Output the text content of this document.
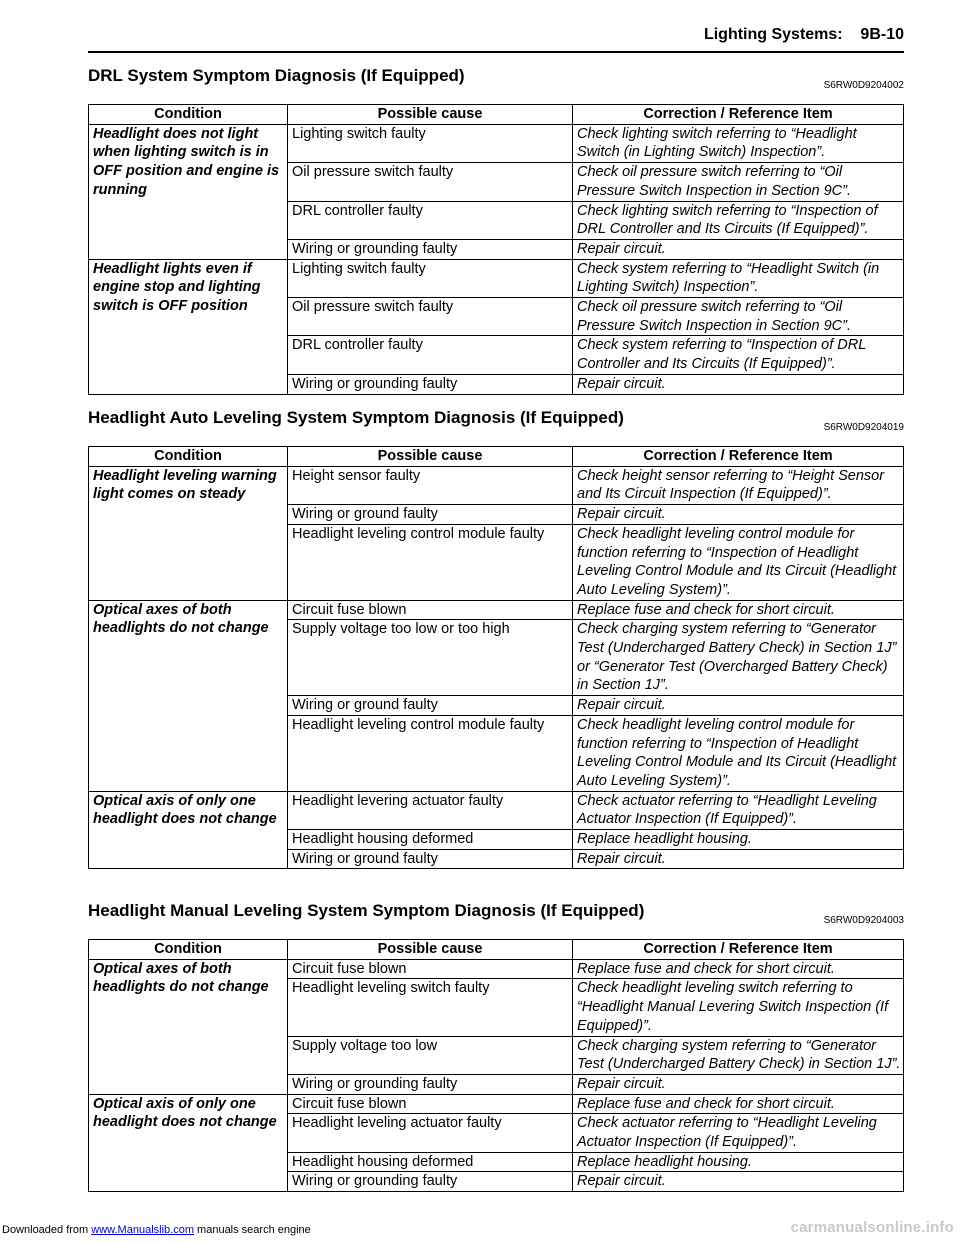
Lighting Systems: 9B-10
DRL System Symptom Diagnosis (If Equipped)
S6RW0D9204002
Condition	Possible cause	Correction / Reference Item
Headlight does not light when lighting switch is in OFF position and engine is running	Lighting switch faulty	Check lighting switch referring to “Headlight Switch (in Lighting Switch) Inspection”.
	Oil pressure switch faulty	Check oil pressure switch referring to “Oil Pressure Switch Inspection in Section 9C”.
	DRL controller faulty	Check lighting switch referring to “Inspection of DRL Controller and Its Circuits (If Equipped)”.
	Wiring or grounding faulty	Repair circuit.
Headlight lights even if engine stop and lighting switch is OFF position	Lighting switch faulty	Check system referring to “Headlight Switch (in Lighting Switch) Inspection”.
	Oil pressure switch faulty	Check oil pressure switch referring to “Oil Pressure Switch Inspection in Section 9C”.
	DRL controller faulty	Check system referring to “Inspection of DRL Controller and Its Circuits (If Equipped)”.
	Wiring or grounding faulty	Repair circuit.
Headlight Auto Leveling System Symptom Diagnosis (If Equipped)
S6RW0D9204019
Condition	Possible cause	Correction / Reference Item
Headlight leveling warning light comes on steady	Height sensor faulty	Check height sensor referring to “Height Sensor and Its Circuit Inspection (If Equipped)”.
	Wiring or ground faulty	Repair circuit.
	Headlight leveling control module faulty	Check headlight leveling control module for function referring to “Inspection of Headlight Leveling Control Module and Its Circuit (Headlight Auto Leveling System)”.
Optical axes of both headlights do not change	Circuit fuse blown	Replace fuse and check for short circuit.
	Supply voltage too low or too high	Check charging system referring to “Generator Test (Undercharged Battery Check) in Section 1J” or “Generator Test (Overcharged Battery Check) in Section 1J”.
	Wiring or ground faulty	Repair circuit.
	Headlight leveling control module faulty	Check headlight leveling control module for function referring to “Inspection of Headlight Leveling Control Module and Its Circuit (Headlight Auto Leveling System)”.
Optical axis of only one headlight does not change	Headlight levering actuator faulty	Check actuator referring to “Headlight Leveling Actuator Inspection (If Equipped)”.
	Headlight housing deformed	Replace headlight housing.
	Wiring or ground faulty	Repair circuit.
Headlight Manual Leveling System Symptom Diagnosis (If Equipped)
S6RW0D9204003
Condition	Possible cause	Correction / Reference Item
Optical axes of both headlights do not change	Circuit fuse blown	Replace fuse and check for short circuit.
	Headlight leveling switch faulty	Check headlight leveling switch referring to “Headlight Manual Levering Switch Inspection (If Equipped)”.
	Supply voltage too low	Check charging system referring to “Generator Test (Undercharged Battery Check) in Section 1J”.
	Wiring or grounding faulty	Repair circuit.
Optical axis of only one headlight does not change	Circuit fuse blown	Replace fuse and check for short circuit.
	Headlight leveling actuator faulty	Check actuator referring to “Headlight Leveling Actuator Inspection (If Equipped)”.
	Headlight housing deformed	Replace headlight housing.
	Wiring or grounding faulty	Repair circuit.
Downloaded from www.Manualslib.com manuals search engine	carmanualsonline.info
